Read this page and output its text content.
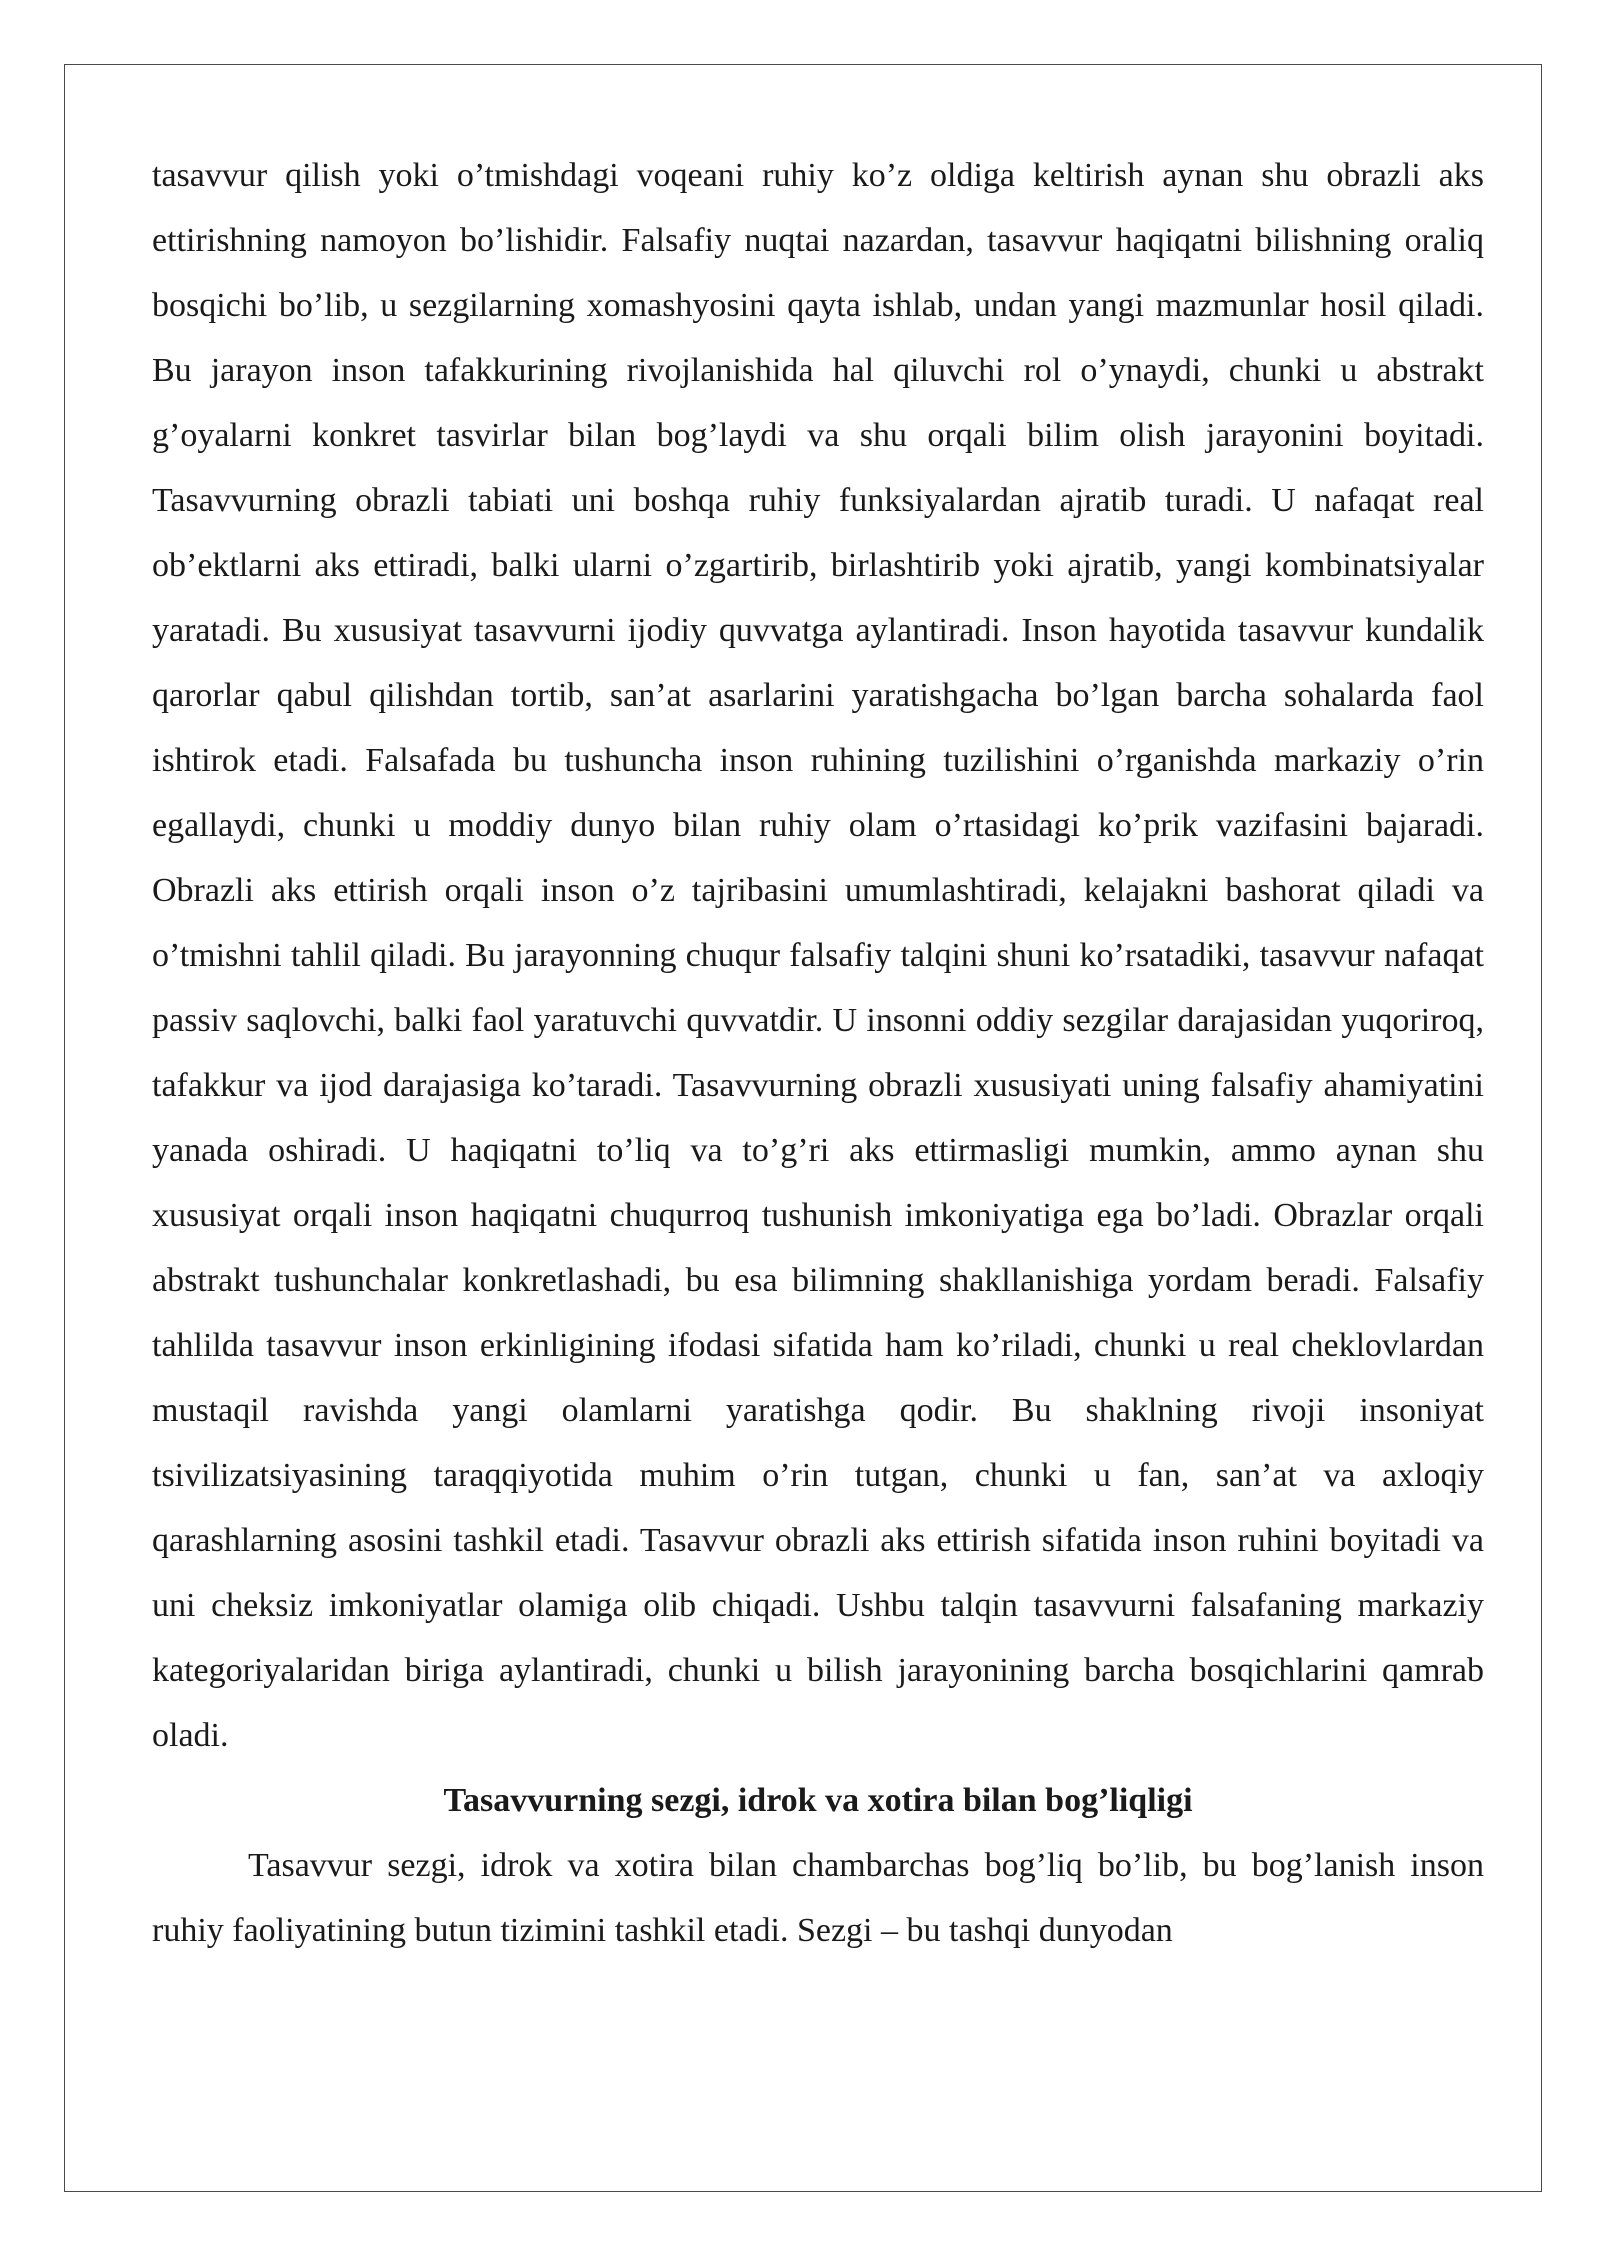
tasavvur qilish yoki o’tmishdagi voqeani ruhiy ko’z oldiga keltirish aynan shu obrazli aks ettirishning namoyon bo’lishidir. Falsafiy nuqtai nazardan, tasavvur haqiqatni bilishning oraliq bosqichi bo’lib, u sezgilarning xomashyosini qayta ishlab, undan yangi mazmunlar hosil qiladi. Bu jarayon inson tafakkurining rivojlanishida hal qiluvchi rol o’ynaydi, chunki u abstrakt g’oyalarni konkret tasvirlar bilan bog’laydi va shu orqali bilim olish jarayonini boyitadi. Tasavvurning obrazli tabiati uni boshqa ruhiy funksiyalardan ajratib turadi. U nafaqat real ob’ektlarni aks ettiradi, balki ularni o’zgartirib, birlashtirib yoki ajratib, yangi kombinatsiyalar yaratadi. Bu xususiyat tasavvurni ijodiy quvvatga aylantiradi. Inson hayotida tasavvur kundalik qarorlar qabul qilishdan tortib, san’at asarlarini yaratishgacha bo’lgan barcha sohalarda faol ishtirok etadi. Falsafada bu tushuncha inson ruhining tuzilishini o’rganishda markaziy o’rin egallaydi, chunki u moddiy dunyo bilan ruhiy olam o’rtasidagi ko’prik vazifasini bajaradi. Obrazli aks ettirish orqali inson o’z tajribasini umumlashtiradi, kelajakni bashorat qiladi va o’tmishni tahlil qiladi. Bu jarayonning chuqur falsafiy talqini shuni ko’rsatadiki, tasavvur nafaqat passiv saqlovchi, balki faol yaratuvchi quvvatdir. U insonni oddiy sezgilar darajasidan yuqoriroq, tafakkur va ijod darajasiga ko’taradi. Tasavvurning obrazli xususiyati uning falsafiy ahamiyatini yanada oshiradi. U haqiqatni to’liq va to’g’ri aks ettirmasligi mumkin, ammo aynan shu xususiyat orqali inson haqiqatni chuqurroq tushunish imkoniyatiga ega bo’ladi. Obrazlar orqali abstrakt tushunchalar konkretlashadi, bu esa bilimning shakllanishiga yordam beradi. Falsafiy tahlilda tasavvur inson erkinligining ifodasi sifatida ham ko’riladi, chunki u real cheklovlardan mustaqil ravishda yangi olamlarni yaratishga qodir. Bu shaklning rivoji insoniyat tsivilizatsiyasining taraqqiyotida muhim o’rin tutgan, chunki u fan, san’at va axloqiy qarashlarning asosini tashkil etadi. Tasavvur obrazli aks ettirish sifatida inson ruhini boyitadi va uni cheksiz imkoniyatlar olamiga olib chiqadi. Ushbu talqin tasavvurni falsafaning markaziy kategoriyalaridan biriga aylantiradi, chunki u bilish jarayonining barcha bosqichlarini qamrab oladi.

Tasavvurning sezgi, idrok va xotira bilan bog’liqligi

Tasavvur sezgi, idrok va xotira bilan chambarchas bog’liq bo’lib, bu bog’lanish inson ruhiy faoliyatining butun tizimini tashkil etadi. Sezgi – bu tashqi dunyodan
